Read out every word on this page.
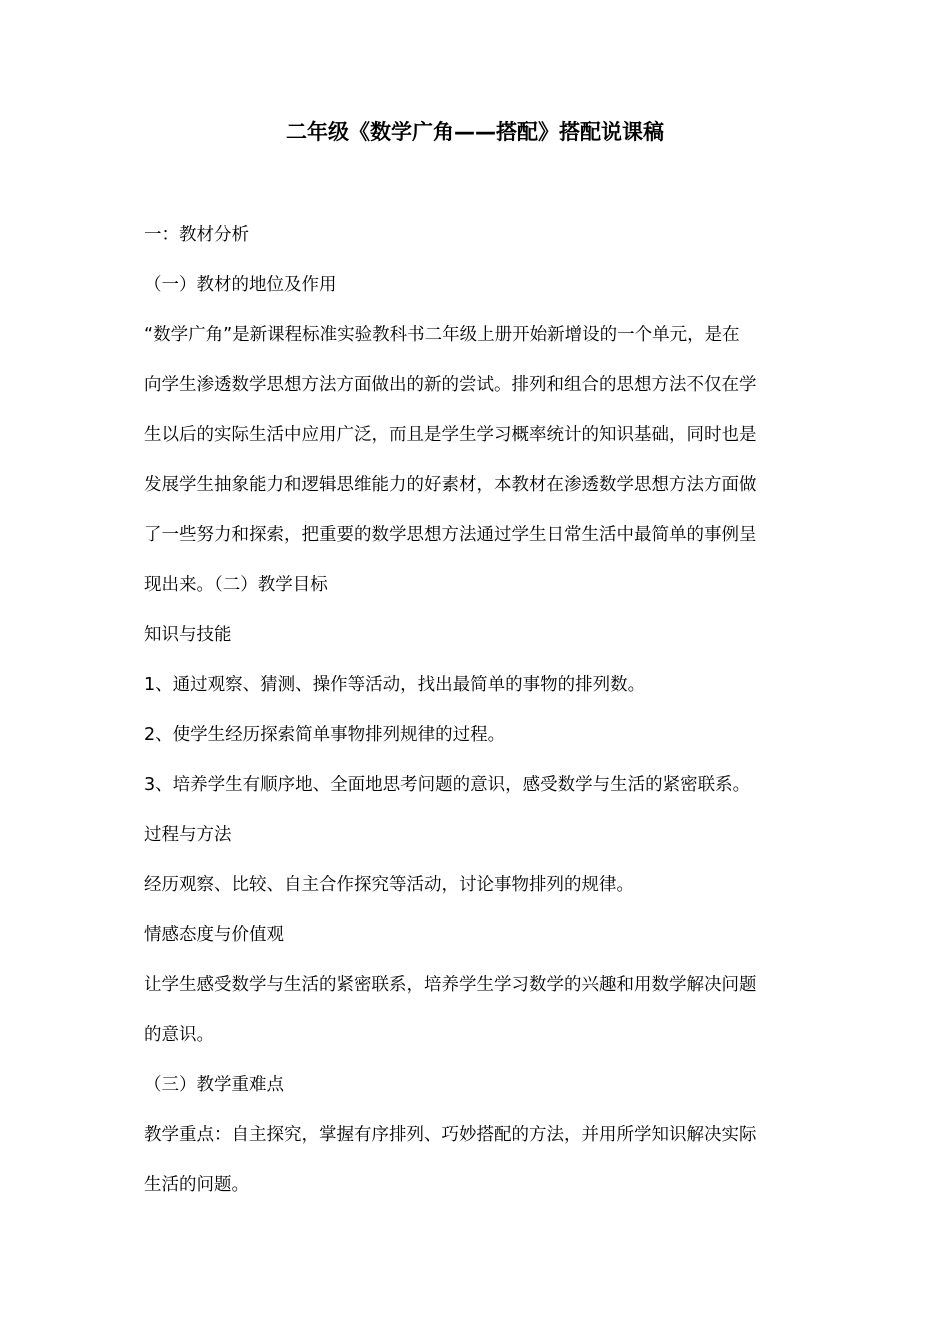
二年级《数学广角——搭配》搭配说课稿
一：教材分析
（一）教材的地位及作用
“数学广角”是新课程标准实验教科书二年级上册开始新增设的一个单元，是在
向学生渗透数学思想方法方面做出的新的尝试。排列和组合的思想方法不仅在学
生以后的实际生活中应用广泛，而且是学生学习概率统计的知识基础，同时也是
发展学生抽象能力和逻辑思维能力的好素材，本教材在渗透数学思想方法方面做
了一些努力和探索，把重要的数学思想方法通过学生日常生活中最简单的事例呈
现出来。（二）教学目标
知识与技能
1、通过观察、猜测、操作等活动，找出最简单的事物的排列数。
2、使学生经历探索简单事物排列规律的过程。
3、培养学生有顺序地、全面地思考问题的意识，感受数学与生活的紧密联系。
过程与方法
经历观察、比较、自主合作探究等活动，讨论事物排列的规律。
情感态度与价值观
让学生感受数学与生活的紧密联系，培养学生学习数学的兴趣和用数学解决问题
的意识。
（三）教学重难点
教学重点：自主探究，掌握有序排列、巧妙搭配的方法，并用所学知识解决实际
生活的问题。
